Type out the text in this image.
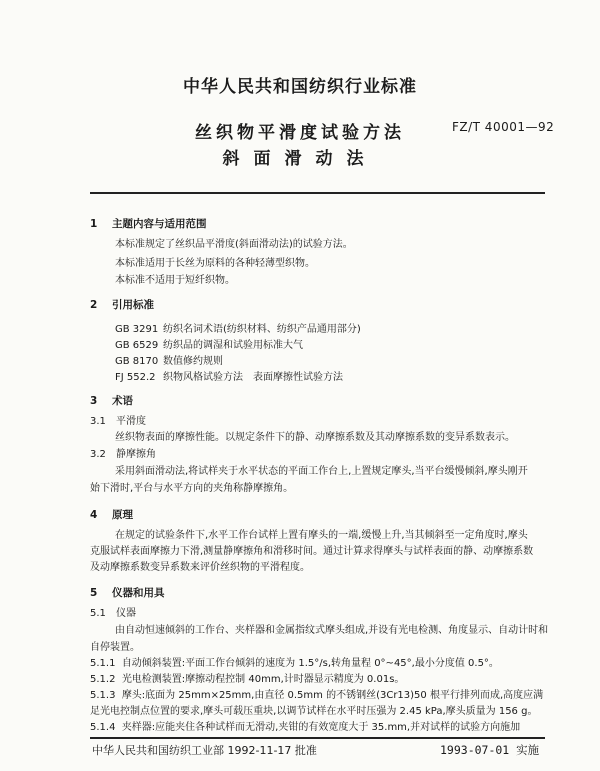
中华人民共和国纺织行业标准
丝织物平滑度试验方法	FZ/T 40001—92
斜面滑动法
1 主题内容与适用范围
本标准规定了丝织品平滑度(斜面滑动法)的试验方法。
本标准适用于长丝为原料的各种轻薄型织物。
本标准不适用于短纤织物。
2 引用标准
GB 3291 纺织名词术语(纺织材料、纺织产品通用部分)
GB 6529 纺织品的调湿和试验用标准大气
GB 8170 数值修约规则
FJ 552.2 织物风格试验方法　表面摩擦性试验方法
3 术语
3.1 平滑度
丝织物表面的摩擦性能。以规定条件下的静、动摩擦系数及其动摩擦系数的变异系数表示。
3.2 静摩擦角
采用斜面滑动法,将试样夹于水平状态的平面工作台上,上置规定摩头,当平台缓慢倾斜,摩头刚开
始下滑时,平台与水平方向的夹角称静摩擦角。
4 原理
在规定的试验条件下,水平工作台试样上置有摩头的一端,缓慢上升,当其倾斜至一定角度时,摩头
克服试样表面摩擦力下滑,测量静摩擦角和滑移时间。通过计算求得摩头与试样表面的静、动摩擦系数
及动摩擦系数变异系数来评价丝织物的平滑程度。
5 仪器和用具
5.1 仪器
由自动恒速倾斜的工作台、夹样器和金属指纹式摩头组成,并设有光电检测、角度显示、自动计时和
自停装置。
5.1.1 自动倾斜装置:平面工作台倾斜的速度为 1.5°/s,转角量程 0°~45°,最小分度值 0.5°。
5.1.2 光电检测装置:摩擦动程控制 40mm,计时器显示精度为 0.01s。
5.1.3 摩头:底面为 25mm×25mm,由直径 0.5mm 的不锈钢丝(3Cr13)50 根平行排列而成,高度应满
足光电控制点位置的要求,摩头可载压重块,以调节试样在水平时压强为 2.45 kPa,摩头质量为 156 g。
5.1.4 夹样器:应能夹住各种试样而无滑动,夹钳的有效宽度大于 35.mm,并对试样的试验方向施加
中华人民共和国纺织工业部 1992-11-17 批准	1993-07-01 实施
